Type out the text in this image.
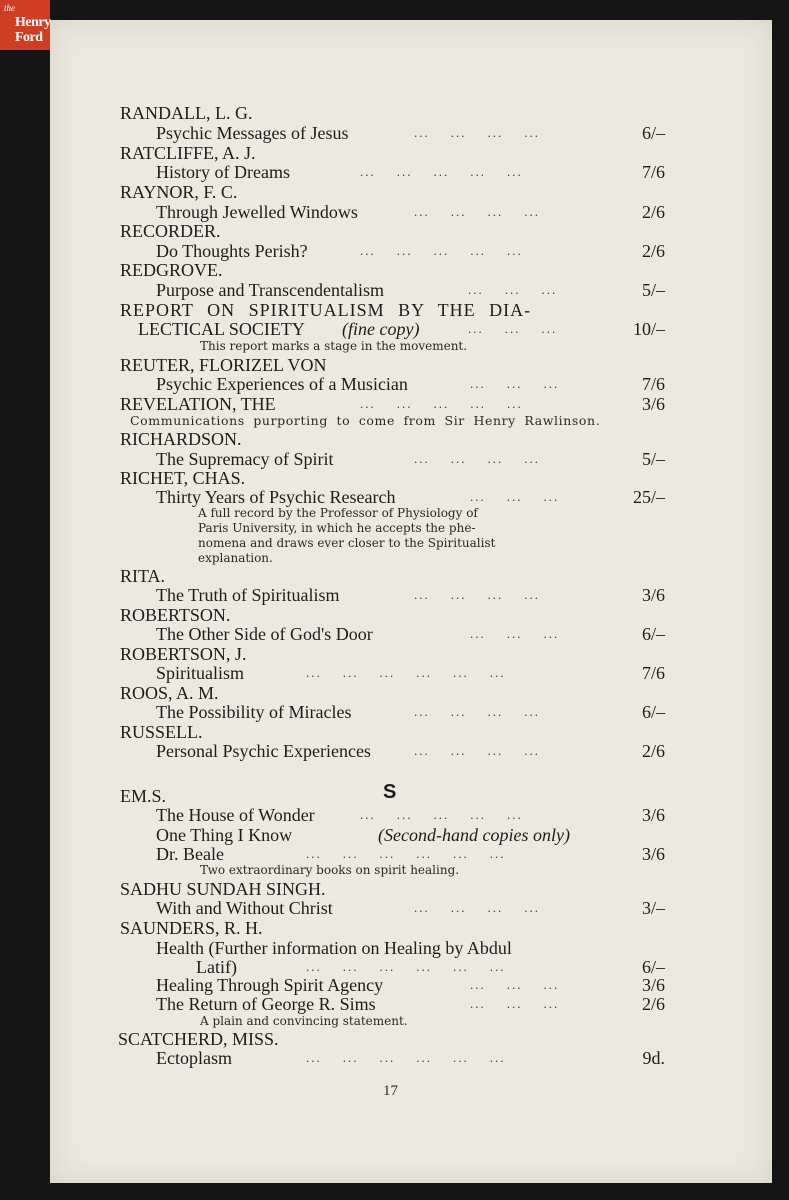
the
Henry
Ford
RANDALL, L. G.
Psychic Messages of Jesus	...    ...    ...    ...	6/–
RATCLIFFE, A. J.
History of Dreams	...    ...    ...    ...    ...	7/6
RAYNOR, F. C.
Through Jewelled Windows	...    ...    ...    ...	2/6
RECORDER.
Do Thoughts Perish?	...    ...    ...    ...    ...	2/6
REDGROVE.
Purpose and Transcendentalism	...    ...    ...	5/–
REPORT ON SPIRITUALISM BY THE DIA-
LECTICAL SOCIETY (fine copy)	...    ...    ...	10/–
This report marks a stage in the movement.
REUTER, FLORIZEL VON
Psychic Experiences of a Musician	...    ...    ...	7/6
REVELATION, THE	...    ...    ...    ...    ...	3/6
Communications purporting to come from Sir Henry Rawlinson.
RICHARDSON.
The Supremacy of Spirit	...    ...    ...    ...	5/–
RICHET, CHAS.
Thirty Years of Psychic Research	...    ...    ...	25/–
A full record by the Professor of Physiology of
Paris University, in which he accepts the phe-
nomena and draws ever closer to the Spiritualist
explanation.
RITA.
The Truth of Spiritualism	...    ...    ...    ...	3/6
ROBERTSON.
The Other Side of God's Door	...    ...    ...	6/–
ROBERTSON, J.
Spiritualism	...    ...    ...    ...    ...    ...	7/6
ROOS, A. M.
The Possibility of Miracles	...    ...    ...    ...	6/–
RUSSELL.
Personal Psychic Experiences	...    ...    ...    ...	2/6
S
EM.S.
The House of Wonder	...    ...    ...    ...    ...	3/6
One Thing I Know	(Second-hand copies only)
Dr. Beale	...    ...    ...    ...    ...    ...	3/6
Two extraordinary books on spirit healing.
SADHU SUNDAH SINGH.
With and Without Christ	...    ...    ...    ...	3/–
SAUNDERS, R. H.
Health (Further information on Healing by Abdul
Latif)	...    ...    ...    ...    ...    ...	6/–
Healing Through Spirit Agency	...    ...    ...	3/6
The Return of George R. Sims	...    ...    ...	2/6
A plain and convincing statement.
SCATCHERD, MISS.
Ectoplasm	...    ...    ...    ...    ...    ...	9d.
17
